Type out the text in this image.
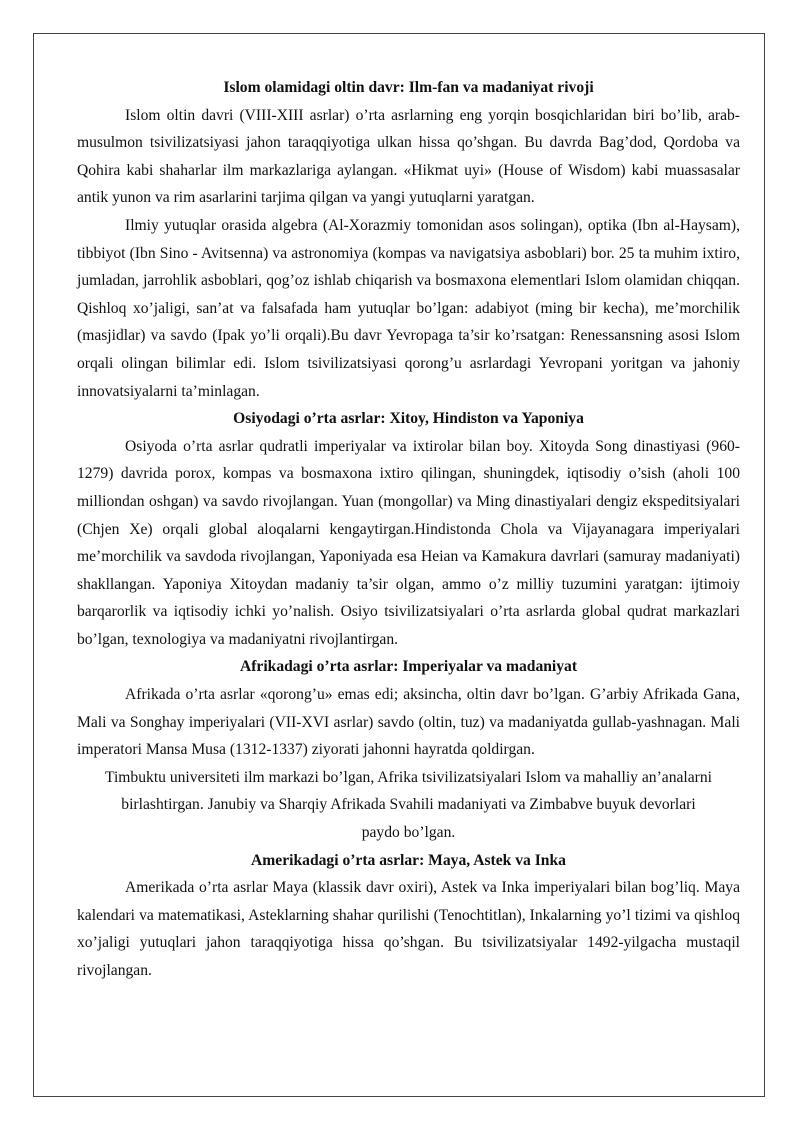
Islom olamidagi oltin davr: Ilm-fan va madaniyat rivoji

Islom oltin davri (VIII-XIII asrlar) o’rta asrlarning eng yorqin bosqichlaridan biri bo’lib, arab-musulmon tsivilizatsiyasi jahon taraqqiyotiga ulkan hissa qo’shgan. Bu davrda Bag’dod, Qordoba va Qohira kabi shaharlar ilm markazlariga aylangan. «Hikmat uyi» (House of Wisdom) kabi muassasalar antik yunon va rim asarlarini tarjima qilgan va yangi yutuqlarni yaratgan.

Ilmiy yutuqlar orasida algebra (Al-Xorazmiy tomonidan asos solingan), optika (Ibn al-Haysam), tibbiyot (Ibn Sino - Avitsenna) va astronomiya (kompas va navigatsiya asboblari) bor. 25 ta muhim ixtiro, jumladan, jarrohlik asboblari, qog’oz ishlab chiqarish va bosmaxona elementlari Islom olamidan chiqqan. Qishloq xo’jaligi, san’at va falsafada ham yutuqlar bo’lgan: adabiyot (ming bir kecha), me’morchilik (masjidlar) va savdo (Ipak yo’li orqali).Bu davr Yevropaga ta’sir ko’rsatgan: Renessansning asosi Islom orqali olingan bilimlar edi. Islom tsivilizatsiyasi qorong’u asrlardagi Yevropani yoritgan va jahoniy innovatsiyalarni ta’minlagan.

Osiyodagi o’rta asrlar: Xitoy, Hindiston va Yaponiya

Osiyoda o’rta asrlar qudratli imperiyalar va ixtirolar bilan boy. Xitoyda Song dinastiyasi (960-1279) davrida porox, kompas va bosmaxona ixtiro qilingan, shuningdek, iqtisodiy o’sish (aholi 100 milliondan oshgan) va savdo rivojlangan. Yuan (mongollar) va Ming dinastiyalari dengiz ekspeditsiyalari (Chjen Xe) orqali global aloqalarni kengaytirgan.Hindistonda Chola va Vijayanagara imperiyalari me’morchilik va savdoda rivojlangan, Yaponiyada esa Heian va Kamakura davrlari (samuray madaniyati) shakllangan. Yaponiya Xitoydan madaniy ta’sir olgan, ammo o’z milliy tuzumini yaratgan: ijtimoiy barqarorlik va iqtisodiy ichki yo’nalish. Osiyo tsivilizatsiyalari o’rta asrlarda global qudrat markazlari bo’lgan, texnologiya va madaniyatni rivojlantirgan.

Afrikadagi o’rta asrlar: Imperiyalar va madaniyat

Afrikada o’rta asrlar «qorong’u» emas edi; aksincha, oltin davr bo’lgan. G’arbiy Afrikada Gana, Mali va Songhay imperiyalari (VII-XVI asrlar) savdo (oltin, tuz) va madaniyatda gullab-yashnagan. Mali imperatori Mansa Musa (1312-1337) ziyorati jahonni hayratda qoldirgan.

Timbuktu universiteti ilm markazi bo’lgan, Afrika tsivilizatsiyalari Islom va mahalliy an’analarni birlashtirgan. Janubiy va Sharqiy Afrikada Svahili madaniyati va Zimbabve buyuk devorlari paydo bo’lgan.

Amerikadagi o’rta asrlar: Maya, Astek va Inka

Amerikada o’rta asrlar Maya (klassik davr oxiri), Astek va Inka imperiyalari bilan bog’liq. Maya kalendari va matematikasi, Asteklarning shahar qurilishi (Tenochtitlan), Inkalarning yo’l tizimi va qishloq xo’jaligi yutuqlari jahon taraqqiyotiga hissa qo’shgan. Bu tsivilizatsiyalar 1492-yilgacha mustaqil rivojlangan.
